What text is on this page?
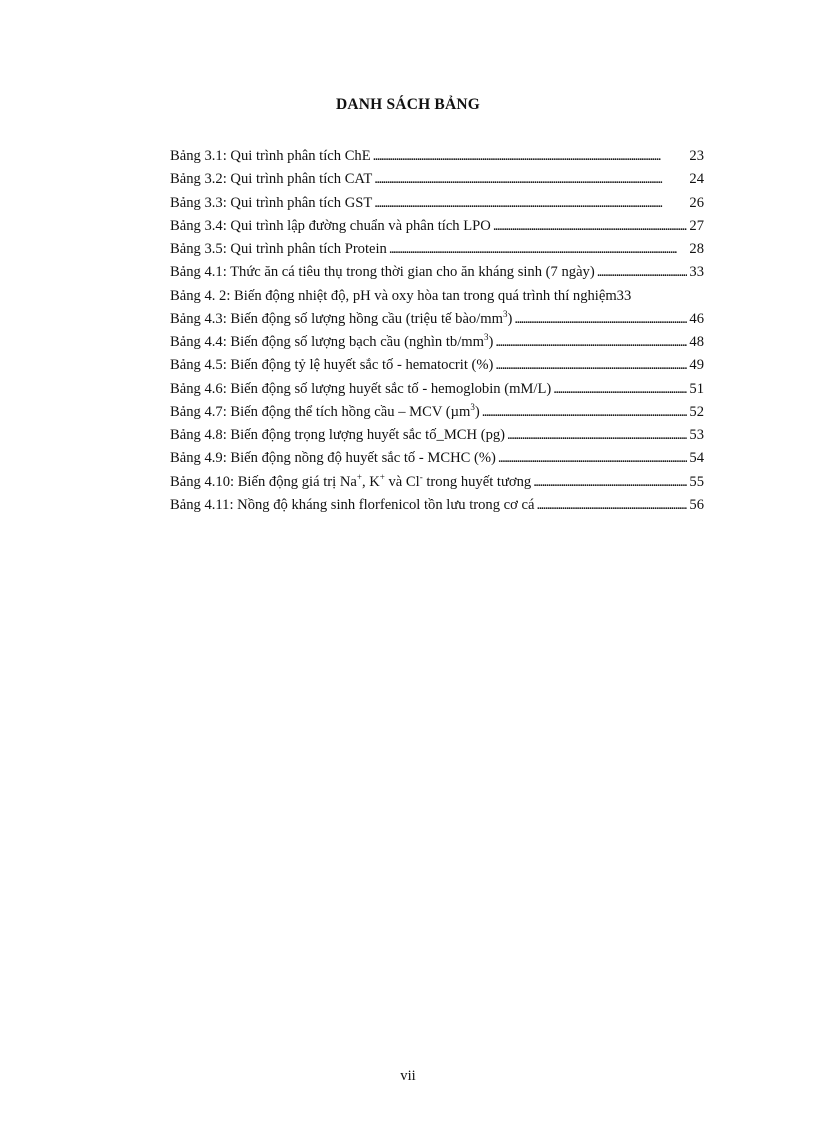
DANH SÁCH BẢNG
Bảng 3.1: Qui trình phân tích ChE . . .	23
Bảng 3.2: Qui trình phân tích CAT . . .	24
Bảng 3.3: Qui trình phân tích GST . . .	26
Bảng 3.4: Qui trình lập đường chuẩn và phân tích LPO . . .	27
Bảng 3.5: Qui trình phân tích Protein . . .	28
Bảng 4.1: Thức ăn cá tiêu thụ trong thời gian cho ăn kháng sinh (7 ngày) . . .	33
Bảng 4. 2: Biến động nhiệt độ, pH và oxy hòa tan trong quá trình thí nghiệm 33
Bảng 4.3: Biến động số lượng hồng cầu (triệu tế bào/$mm^3$) . . .	46
Bảng 4.4: Biến động số lượng bạch cầu (nghìn $tb/mm^3$) . . .	48
Bảng 4.5: Biến động tỷ lệ huyết sắc tố - hematocrit (%) . . .	49
Bảng 4.6: Biến động số lượng huyết sắc tố - hemoglobin (mM/L) . . .	51
Bảng 4.7: Biến động thể tích hồng cầu – MCV (µm$^3$) . . .	52
Bảng 4.8: Biến động trọng lượng huyết sắc tố_MCH (pg) . . .	53
Bảng 4.9: Biến động nồng độ huyết sắc tố - MCHC (%) . . .	54
Bảng 4.10: Biến động giá trị Na+, K+ và Cl- trong huyết tương . . .	55
Bảng 4.11: Nồng độ kháng sinh florfenicol tồn lưu trong cơ cá . . .	56
vii
